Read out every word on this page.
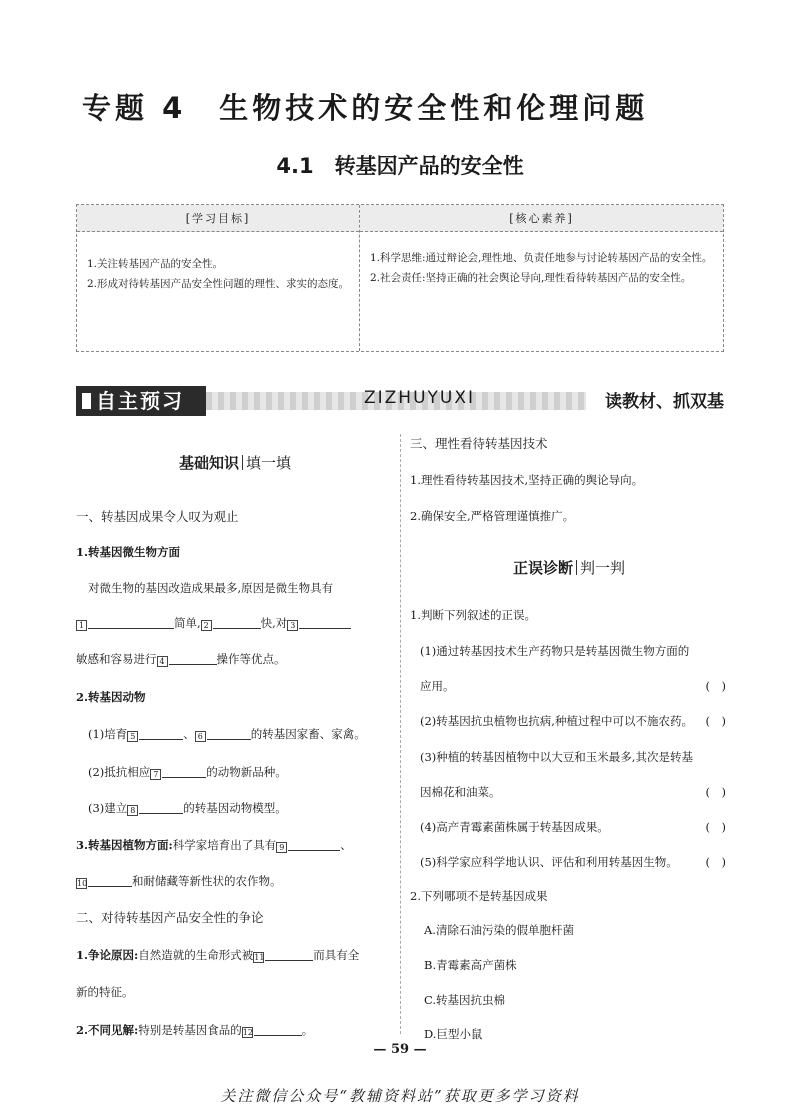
专题 4　生物技术的安全性和伦理问题
4.1　转基因产品的安全性
[学习目标]
1.关注转基因产品的安全性。
2.形成对待转基因产品安全性问题的理性、求实的态度。
[核心素养]
1.科学思维:通过辩论会,理性地、负责任地参与讨论转基因产品的安全性。
2.社会责任:坚持正确的社会舆论导向,理性看待转基因产品的安全性。
自主预习	ZIZHUYUXI	读教材、抓双基
基础知识 填一填
一、转基因成果令人叹为观止
1.转基因微生物方面
对微生物的基因改造成果最多,原因是微生物具有
1	简单, 2	快,对 3
敏感和容易进行 4	操作等优点。
2.转基因动物
(1)培育 5	、 6	的转基因家畜、家禽。
(2)抵抗相应 7	的动物新品种。
(3)建立 8	的转基因动物模型。
3.转基因植物方面:科学家培育出了具有 9	、
10	和耐储藏等新性状的农作物。
二、对待转基因产品安全性的争论
1.争论原因:自然造就的生命形式被11	而具有全
新的特征。
2.不同见解:特别是转基因食品的12	。
三、理性看待转基因技术
1.理性看待转基因技术,坚持正确的舆论导向。
2.确保安全,严格管理谨慎推广。
正误诊断 判一判
1.判断下列叙述的正误。
(1)通过转基因技术生产药物只是转基因微生物方面的
应用。	(　)
(2)转基因抗虫植物也抗病,种植过程中可以不施农药。 (　)
(3)种植的转基因植物中以大豆和玉米最多,其次是转基
因棉花和油菜。	(　)
(4)高产青霉素菌株属于转基因成果。	(　)
(5)科学家应科学地认识、评估和利用转基因生物。 (　)
2.下列哪项不是转基因成果
A.清除石油污染的假单胞杆菌
B.青霉素高产菌株
C.转基因抗虫棉
D.巨型小鼠
— 59 —
关注微信公众号“教辅资料站”获取更多学习资料
